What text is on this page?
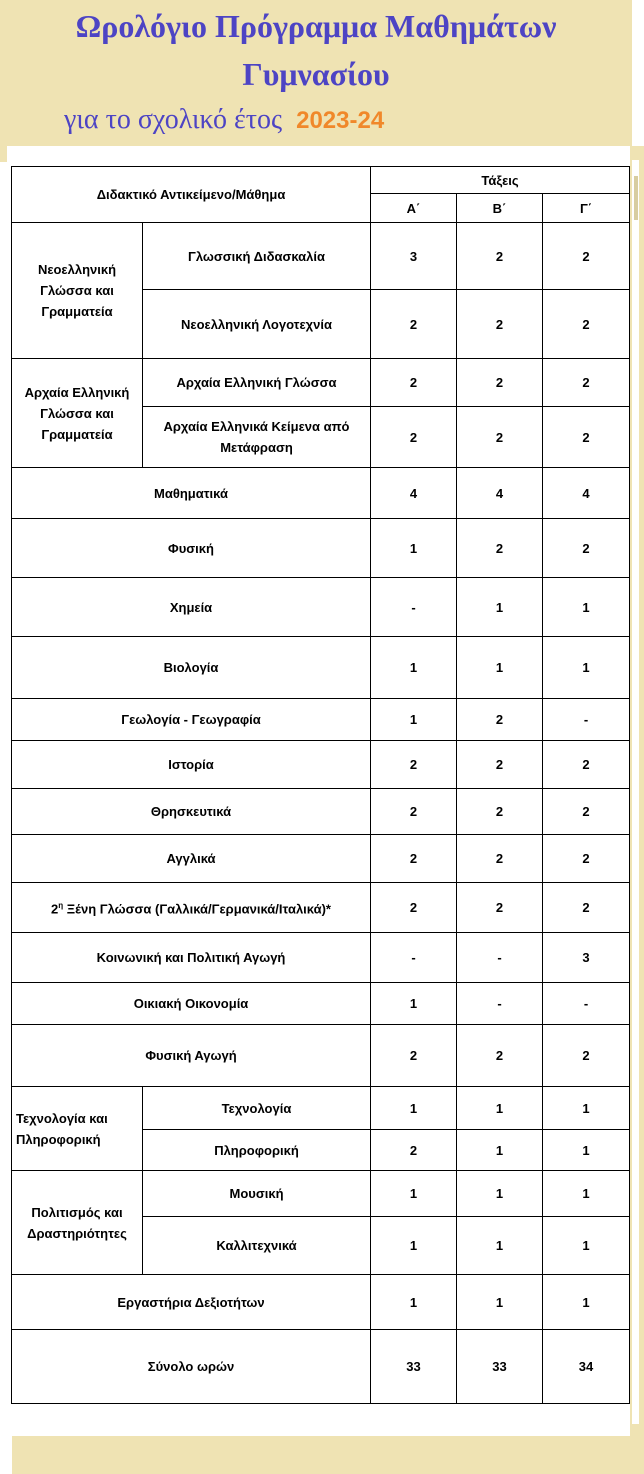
Ωρολόγιο Πρόγραμμα Μαθημάτων
Γυμνασίου
για το σχολικό έτος 2023-24
Διδακτικό Αντικείμενο/Μάθημα		Τάξεις		
		Α΄	Β΄	Γ΄
Νεοελληνική Γλώσσα και Γραμματεία	Γλωσσική Διδασκαλία	3	2	2
	Νεοελληνική Λογοτεχνία	2	2	2
Αρχαία Ελληνική Γλώσσα και Γραμματεία	Αρχαία Ελληνική Γλώσσα	2	2	2
	Αρχαία Ελληνικά Κείμενα από Μετάφραση	2	2	2
Μαθηματικά		4	4	4
Φυσική		1	2	2
Χημεία		-	1	1
Βιολογία		1	1	1
Γεωλογία - Γεωγραφία		1	2	-
Ιστορία		2	2	2
Θρησκευτικά		2	2	2
Αγγλικά		2	2	2
$2^\eta$ Ξένη Γλώσσα (Γαλλικά/Γερμανικά/Ιταλικά)*		2	2	2
Κοινωνική και Πολιτική Αγωγή		-	-	3
Οικιακή Οικονομία		1	-	-
Φυσική Αγωγή		2	2	2
Τεχνολογία και Πληροφορική	Τεχνολογία	1	1	1
	Πληροφορική	2	1	1
Πολιτισμός και Δραστηριότητες	Μουσική	1	1	1
	Καλλιτεχνικά	1	1	1
Εργαστήρια Δεξιοτήτων		1	1	1
Σύνολο ωρών		33	33	34
